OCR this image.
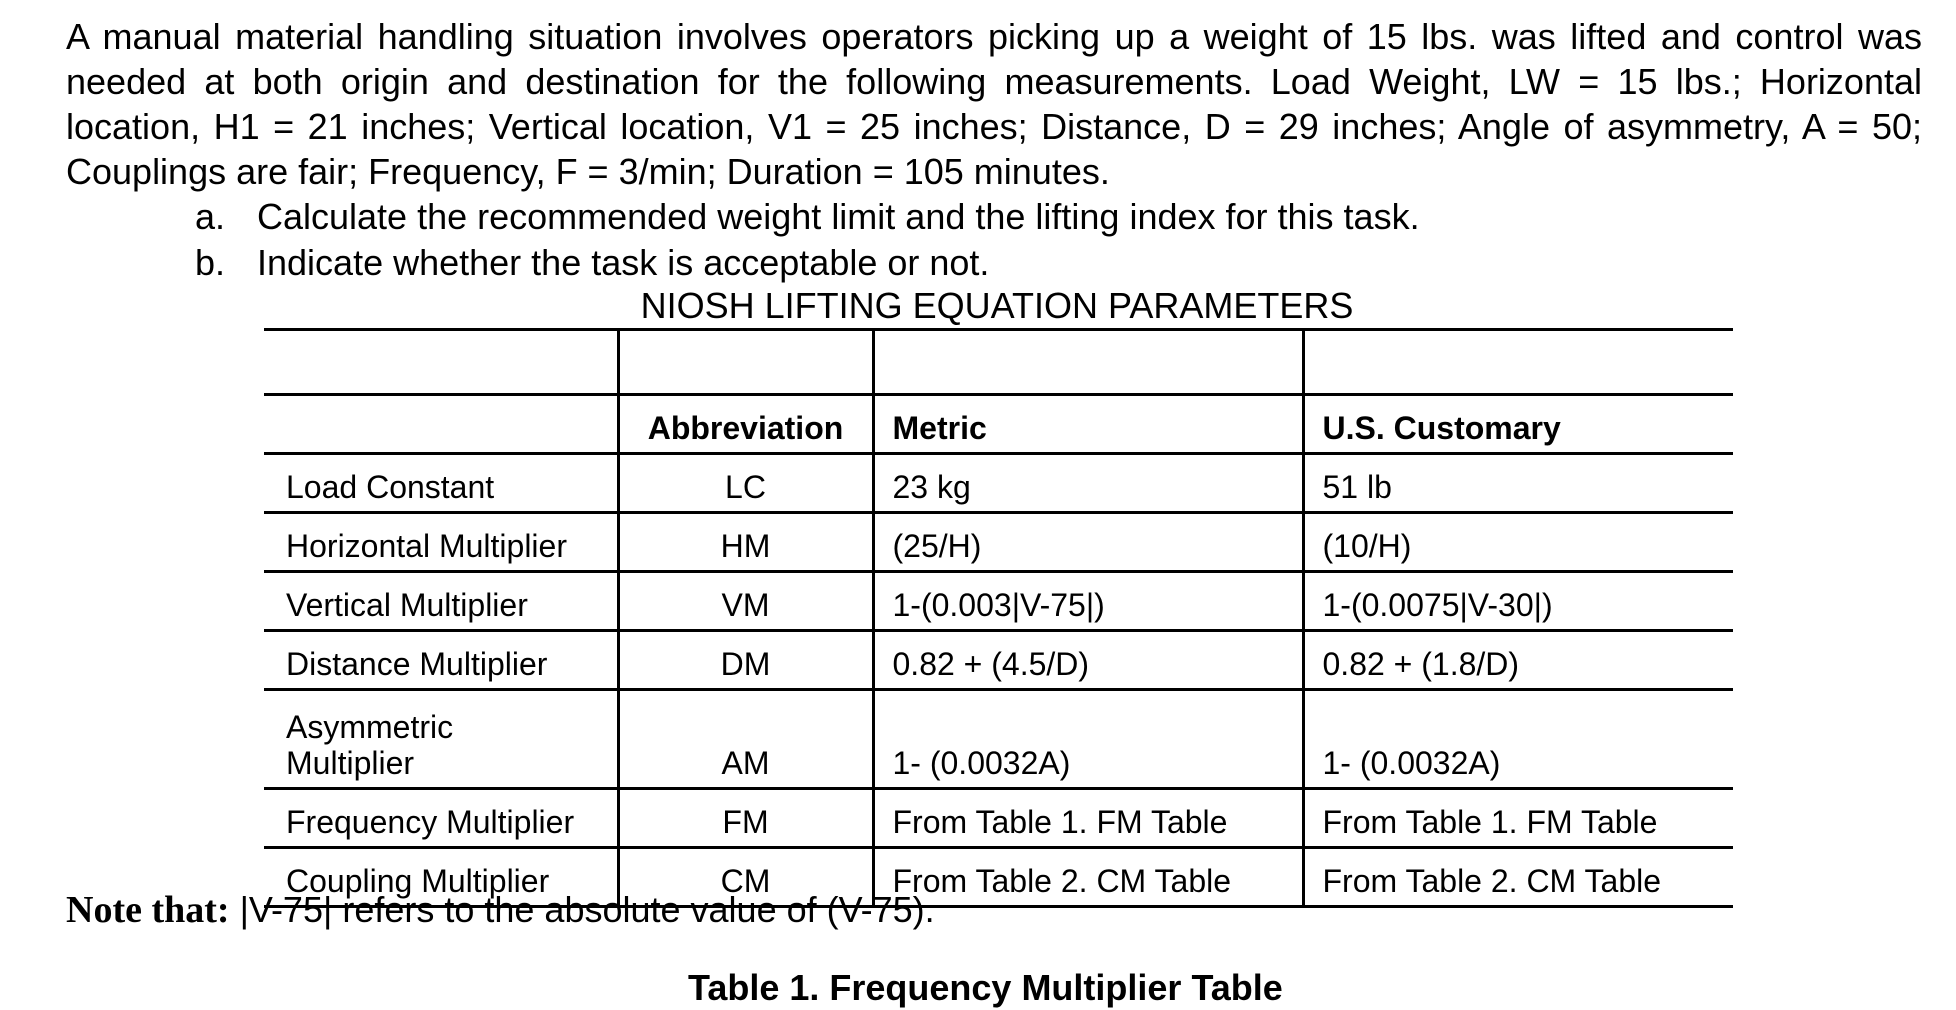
A manual material handling situation involves operators picking up a weight of 15 lbs. was lifted and control was needed at both origin and destination for the following measurements. Load Weight, LW = 15 lbs.; Horizontal location, H1 = 21 inches; Vertical location, V1 = 25 inches; Distance, D = 29 inches; Angle of asymmetry, A = 50; Couplings are fair; Frequency, F = 3/min; Duration = 105 minutes.

a. Calculate the recommended weight limit and the lifting index for this task.
b. Indicate whether the task is acceptable or not.
NIOSH LIFTING EQUATION PARAMETERS

	Abbreviation	Metric	U.S. Customary
Load Constant	LC	23 kg	51 lb
Horizontal Multiplier	HM	(25/H)	(10/H)
Vertical Multiplier	VM	1-(0.003|V-75|)	1-(0.0075|V-30|)
Distance Multiplier	DM	0.82 + (4.5/D)	0.82 + (1.8/D)
Asymmetric
Multiplier	AM	1- (0.0032A)	1- (0.0032A)
Frequency Multiplier	FM	From Table 1. FM Table	From Table 1. FM Table
Coupling Multiplier	CM	From Table 2. CM Table	From Table 2. CM Table
Note that: |V-75| refers to the absolute value of (V-75).
Table 1. Frequency Multiplier Table
